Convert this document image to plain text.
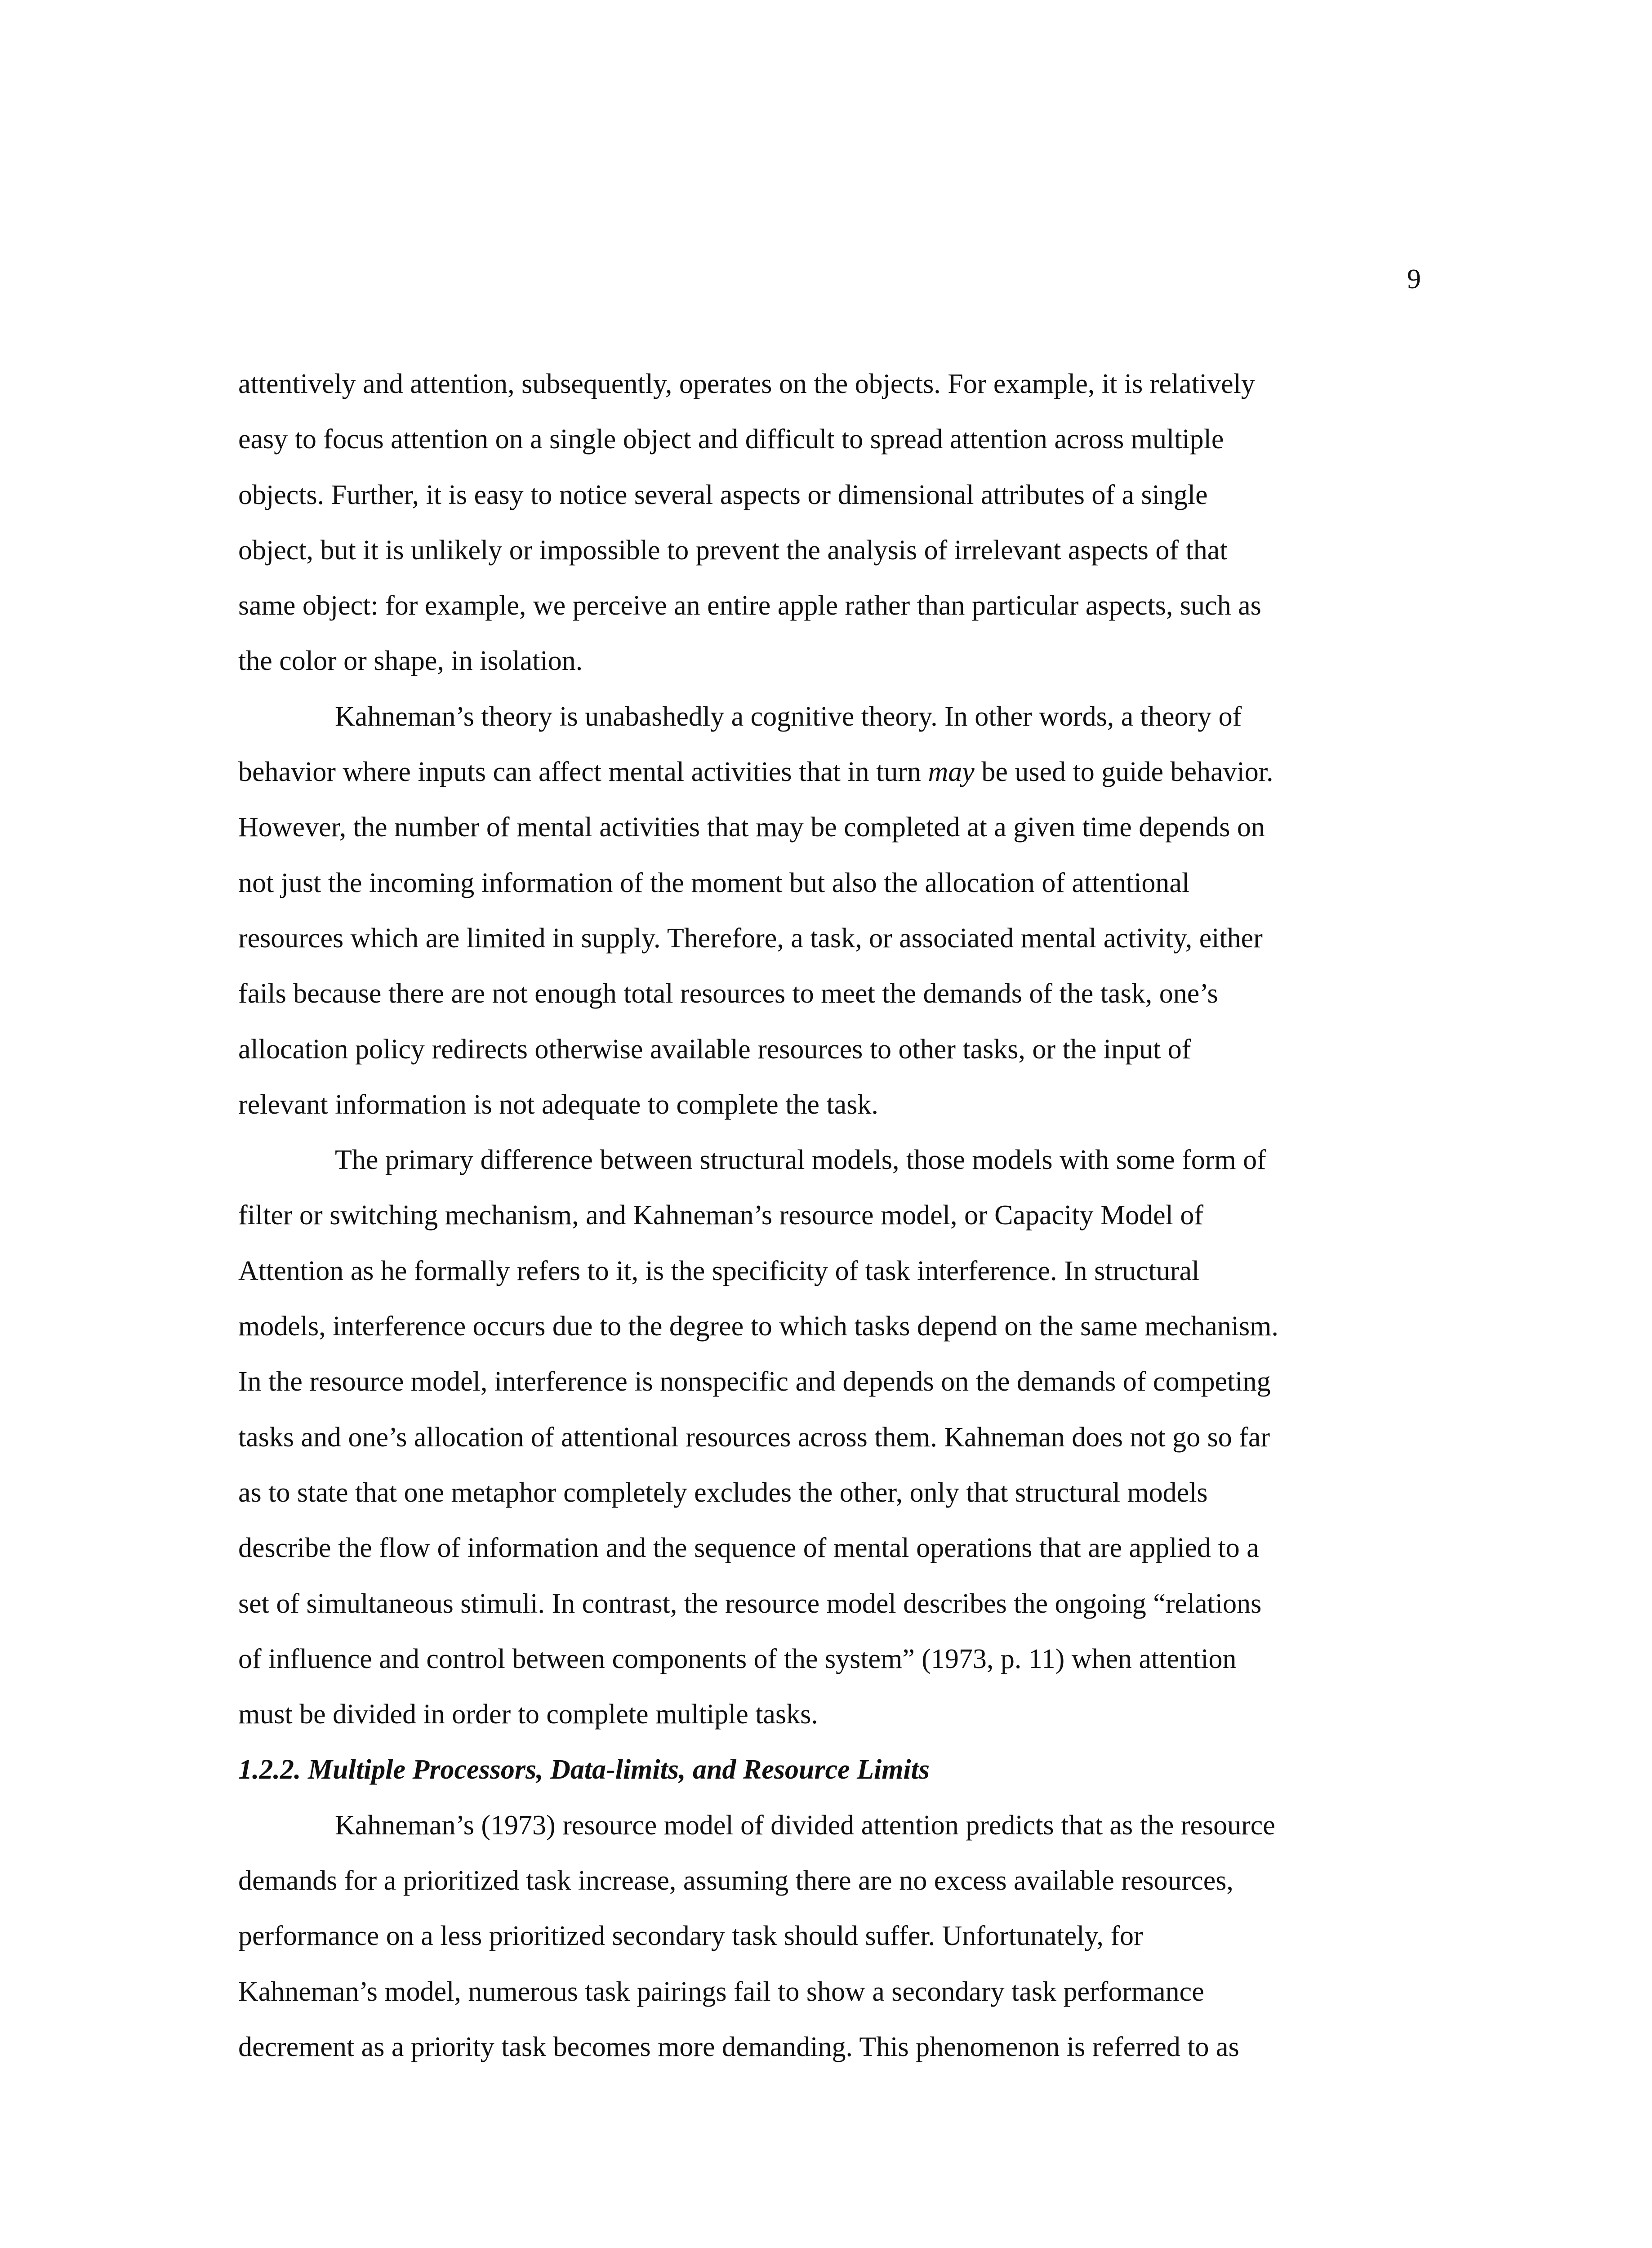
9
attentively and attention, subsequently, operates on the objects. For example, it is relatively
easy to focus attention on a single object and difficult to spread attention across multiple
objects. Further, it is easy to notice several aspects or dimensional attributes of a single
object, but it is unlikely or impossible to prevent the analysis of irrelevant aspects of that
same object: for example, we perceive an entire apple rather than particular aspects, such as
the color or shape, in isolation.
Kahneman’s theory is unabashedly a cognitive theory. In other words, a theory of
behavior where inputs can affect mental activities that in turn may be used to guide behavior.
However, the number of mental activities that may be completed at a given time depends on
not just the incoming information of the moment but also the allocation of attentional
resources which are limited in supply. Therefore, a task, or associated mental activity, either
fails because there are not enough total resources to meet the demands of the task, one’s
allocation policy redirects otherwise available resources to other tasks, or the input of
relevant information is not adequate to complete the task.
The primary difference between structural models, those models with some form of
filter or switching mechanism, and Kahneman’s resource model, or Capacity Model of
Attention as he formally refers to it, is the specificity of task interference. In structural
models, interference occurs due to the degree to which tasks depend on the same mechanism.
In the resource model, interference is nonspecific and depends on the demands of competing
tasks and one’s allocation of attentional resources across them. Kahneman does not go so far
as to state that one metaphor completely excludes the other, only that structural models
describe the flow of information and the sequence of mental operations that are applied to a
set of simultaneous stimuli. In contrast, the resource model describes the ongoing “relations
of influence and control between components of the system” (1973, p. 11) when attention
must be divided in order to complete multiple tasks.
1.2.2. Multiple Processors, Data-limits, and Resource Limits
Kahneman’s (1973) resource model of divided attention predicts that as the resource
demands for a prioritized task increase, assuming there are no excess available resources,
performance on a less prioritized secondary task should suffer. Unfortunately, for
Kahneman’s model, numerous task pairings fail to show a secondary task performance
decrement as a priority task becomes more demanding. This phenomenon is referred to as
